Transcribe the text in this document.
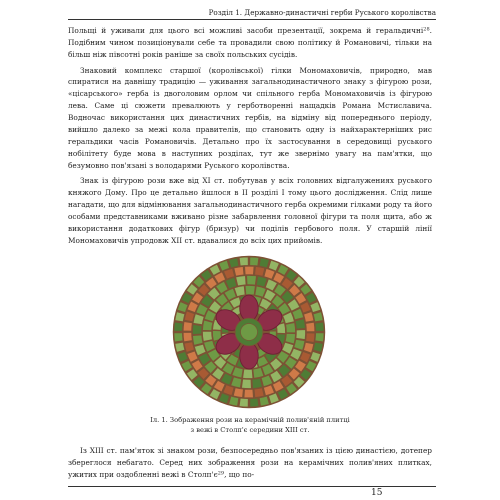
Розділ 1. Державно-династичні герби Руського королівства

Польщі й уживали для цього всі можливі засоби презентації, зокрема й геральдичні$^{28}$. Подібним чином позиціонували себе та провадили свою політику й Романовичі, тільки на більш ніж півсотні років раніше за своїх польських сусідів.

Знаковий комплекс старшої (королівської) гілки Мономаховичів, природно, мав спиратися на давнішу традицію — уживання загальнодинастичного знаку з фігурою рози, «цісарського» герба із двоголовим орлом чи спільного герба Мономаховичів із фігурою лева. Саме ці сюжети превалюють у герботворенні нащадків Романа Мстиславича. Водночас використання цих династичних гербів, на відміну від попереднього періоду, вийшло далеко за межі кола правителів, що становить одну із найхарактерніших рис геральдики часів Романовичів. Детально про їх застосування в середовищі руського нобілітету буде мова в наступних розділах, тут же звернімо увагу на пам'ятки, що безумовно пов'язані з володарями Руського королівства.

Знак із фігурою рози вже від XI ст. побутував у всіх головних відгалужениях руського княжого Дому. Про це детально йшлося в ІІ розділі І тому цього дослідження. Слід лише нагадати, що для відмінювання загальнодинастичного герба окремими гілками роду та його особами представниками вживано різне забарвлення головної фігури та поля щита, або ж використання додаткових фігур (бризур) чи поділів гербового поля. У старшій лінії Мономаховичів упродовж XII ст. вдавалися до всіх цих прийомів.

Іл. 1. Зображення рози на керамічній полив'яній плитці
з вежі в Столп'є середини XIII ст.

Із XIII ст. пам'яток зі знаком рози, безпосередньо пов'язаних із цією династією, дотепер збереглося небагато. Серед них зображення рози на керамічних полив'яних плитках, ужитих при оздобленні вежі в $Столп'є^{29}$, що по-

15
